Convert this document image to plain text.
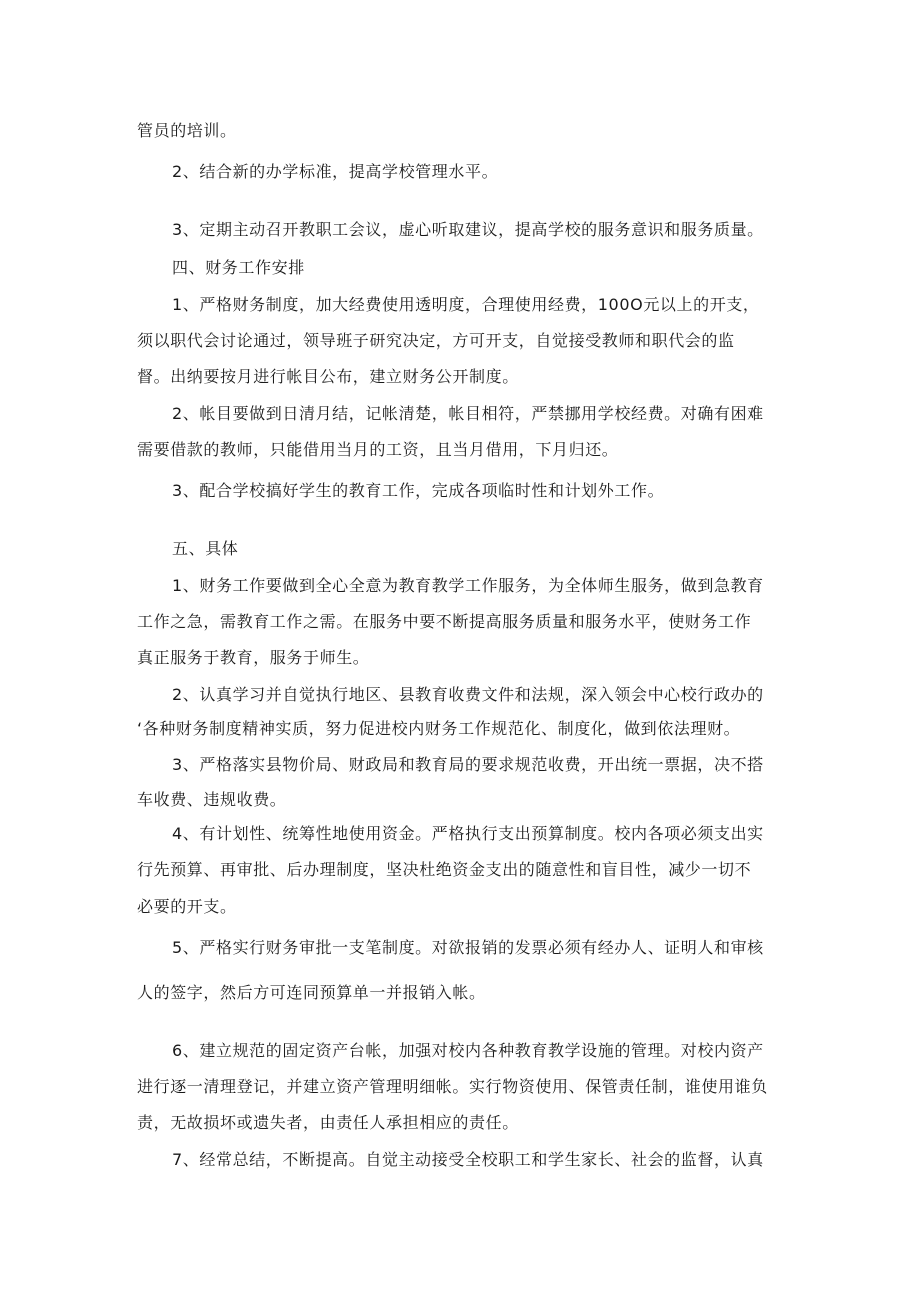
管员的培训。
2、结合新的办学标准，提高学校管理水平。
3、定期主动召开教职工会议，虚心听取建议，提高学校的服务意识和服务质量。
四、财务工作安排
1、严格财务制度，加大经费使用透明度，合理使用经费，100O元以上的开支，
须以职代会讨论通过，领导班子研究决定，方可开支，自觉接受教师和职代会的监
督。出纳要按月进行帐目公布，建立财务公开制度。
2、帐目要做到日清月结，记帐清楚，帐目相符，严禁挪用学校经费。对确有困难
需要借款的教师，只能借用当月的工资，且当月借用，下月归还。
3、配合学校搞好学生的教育工作，完成各项临时性和计划外工作。
五、具体
1、财务工作要做到全心全意为教育教学工作服务，为全体师生服务，做到急教育
工作之急，需教育工作之需。在服务中要不断提高服务质量和服务水平，使财务工作
真正服务于教育，服务于师生。
2、认真学习并自觉执行地区、县教育收费文件和法规，深入领会中心校行政办的
‘各种财务制度精神实质，努力促进校内财务工作规范化、制度化，做到依法理财。
3、严格落实县物价局、财政局和教育局的要求规范收费，开出统一票据，决不搭
车收费、违规收费。
4、有计划性、统筹性地使用资金。严格执行支出预算制度。校内各项必须支出实
行先预算、再审批、后办理制度，坚决杜绝资金支出的随意性和盲目性，减少一切不
必要的开支。
5、严格实行财务审批一支笔制度。对欲报销的发票必须有经办人、证明人和审核
人的签字，然后方可连同预算单一并报销入帐。
6、建立规范的固定资产台帐，加强对校内各种教育教学设施的管理。对校内资产
进行逐一清理登记，并建立资产管理明细帐。实行物资使用、保管责任制，谁使用谁负
责，无故损坏或遗失者，由责任人承担相应的责任。
7、经常总结，不断提高。自觉主动接受全校职工和学生家长、社会的监督，认真
